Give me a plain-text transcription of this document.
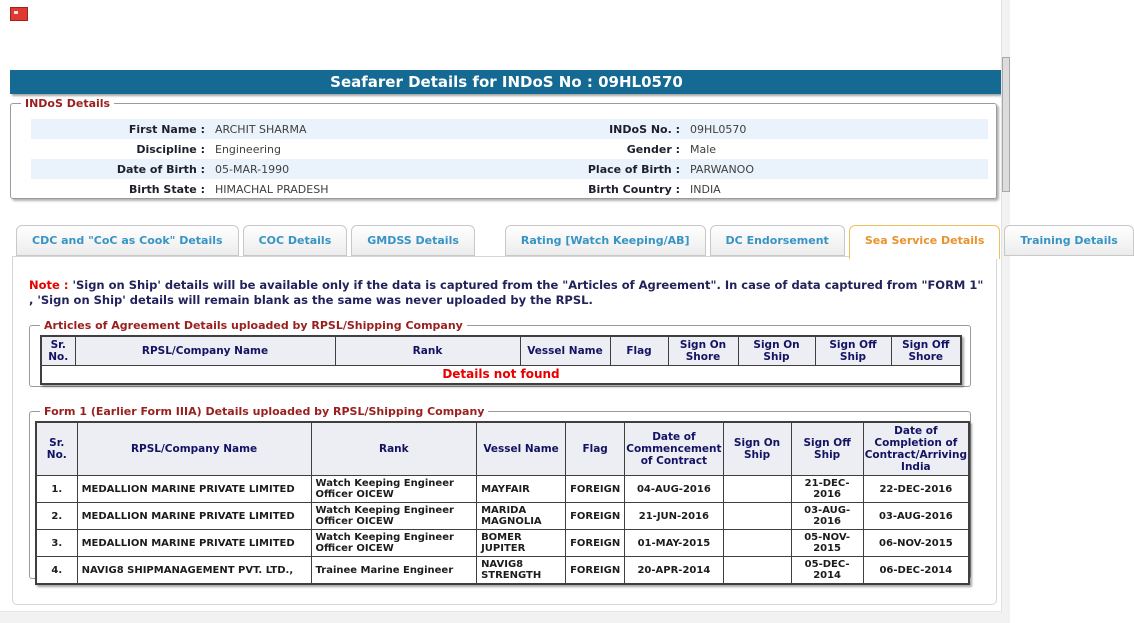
Seafarer Details for INDoS No : 09HL0570
INDoS Details
First Name : ARCHIT SHARMA	INDoS No. : 09HL0570
Discipline : Engineering	Gender : Male
Date of Birth : 05-MAR-1990	Place of Birth : PARWANOO
Birth State : HIMACHAL PRADESH	Birth Country : INDIA
CDC and "CoC as Cook" Details	COC Details	GMDSS Details	Rating [Watch Keeping/AB]	DC Endorsement	Sea Service Details	Training Details
Note : 'Sign on Ship' details will be available only if the data is captured from the "Articles of Agreement". In case of data captured from "FORM 1" , 'Sign on Ship' details will remain blank as the same was never uploaded by the RPSL.
Articles of Agreement Details uploaded by RPSL/Shipping Company
Sr. No.	RPSL/Company Name	Rank	Vessel Name	Flag	Sign On Shore	Sign On Ship	Sign Off Ship	Sign Off Shore
Details not found
Form 1 (Earlier Form IIIA) Details uploaded by RPSL/Shipping Company
Sr. No.	RPSL/Company Name	Rank	Vessel Name	Flag	Date of Commencement of Contract	Sign On Ship	Sign Off Ship	Date of Completion of Contract/Arriving India
1.	MEDALLION MARINE PRIVATE LIMITED	Watch Keeping Engineer Officer OICEW	MAYFAIR	FOREIGN	04-AUG-2016		21-DEC-2016	22-DEC-2016
2.	MEDALLION MARINE PRIVATE LIMITED	Watch Keeping Engineer Officer OICEW	MARIDA MAGNOLIA	FOREIGN	21-JUN-2016		03-AUG-2016	03-AUG-2016
3.	MEDALLION MARINE PRIVATE LIMITED	Watch Keeping Engineer Officer OICEW	BOMER JUPITER	FOREIGN	01-MAY-2015		05-NOV- 2015	06-NOV-2015
4.	NAVIG8 SHIPMANAGEMENT PVT. LTD.,	Trainee Marine Engineer	NAVIG8 STRENGTH	FOREIGN	20-APR-2014		05-DEC-2014	06-DEC-2014
